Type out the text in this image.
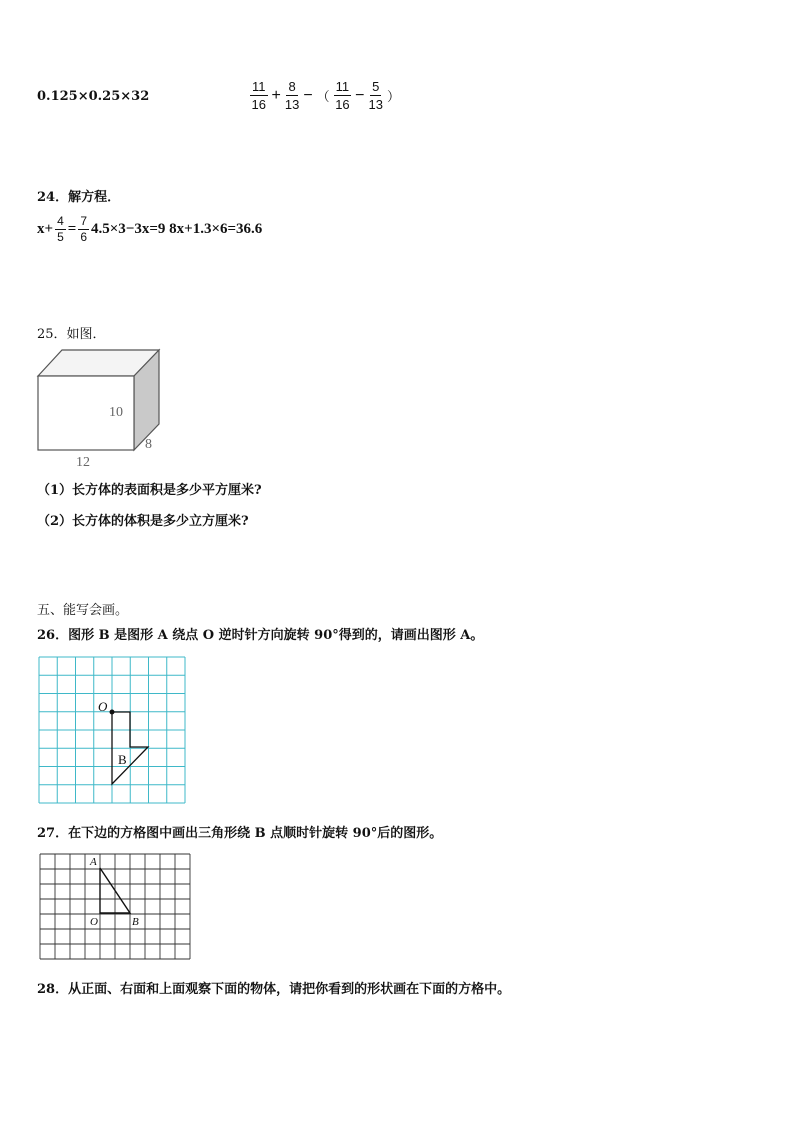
0.125×0.25×32	$\frac{11}{16} + \frac{8}{13}$ − （ $\frac{11}{16} - \frac{5}{13}$ ）
24．解方程．
$x+ \frac{4}{5} = \frac{7}{6} 4.5\times 3-3x=9$ 8x+1.3×6=36.6
25．如图．
10
8
12
（1）长方体的表面积是多少平方厘米?
（2）长方体的体积是多少立方厘米?
五、能写会画。
26．图形 B 是图形 A 绕点 O 逆时针方向旋转 90°得到的，请画出图形 A。
O
B
27．在下边的方格图中画出三角形绕 B 点顺时针旋转 90°后的图形。
A
O	B
28．从正面、右面和上面观察下面的物体，请把你看到的形状画在下面的方格中。
